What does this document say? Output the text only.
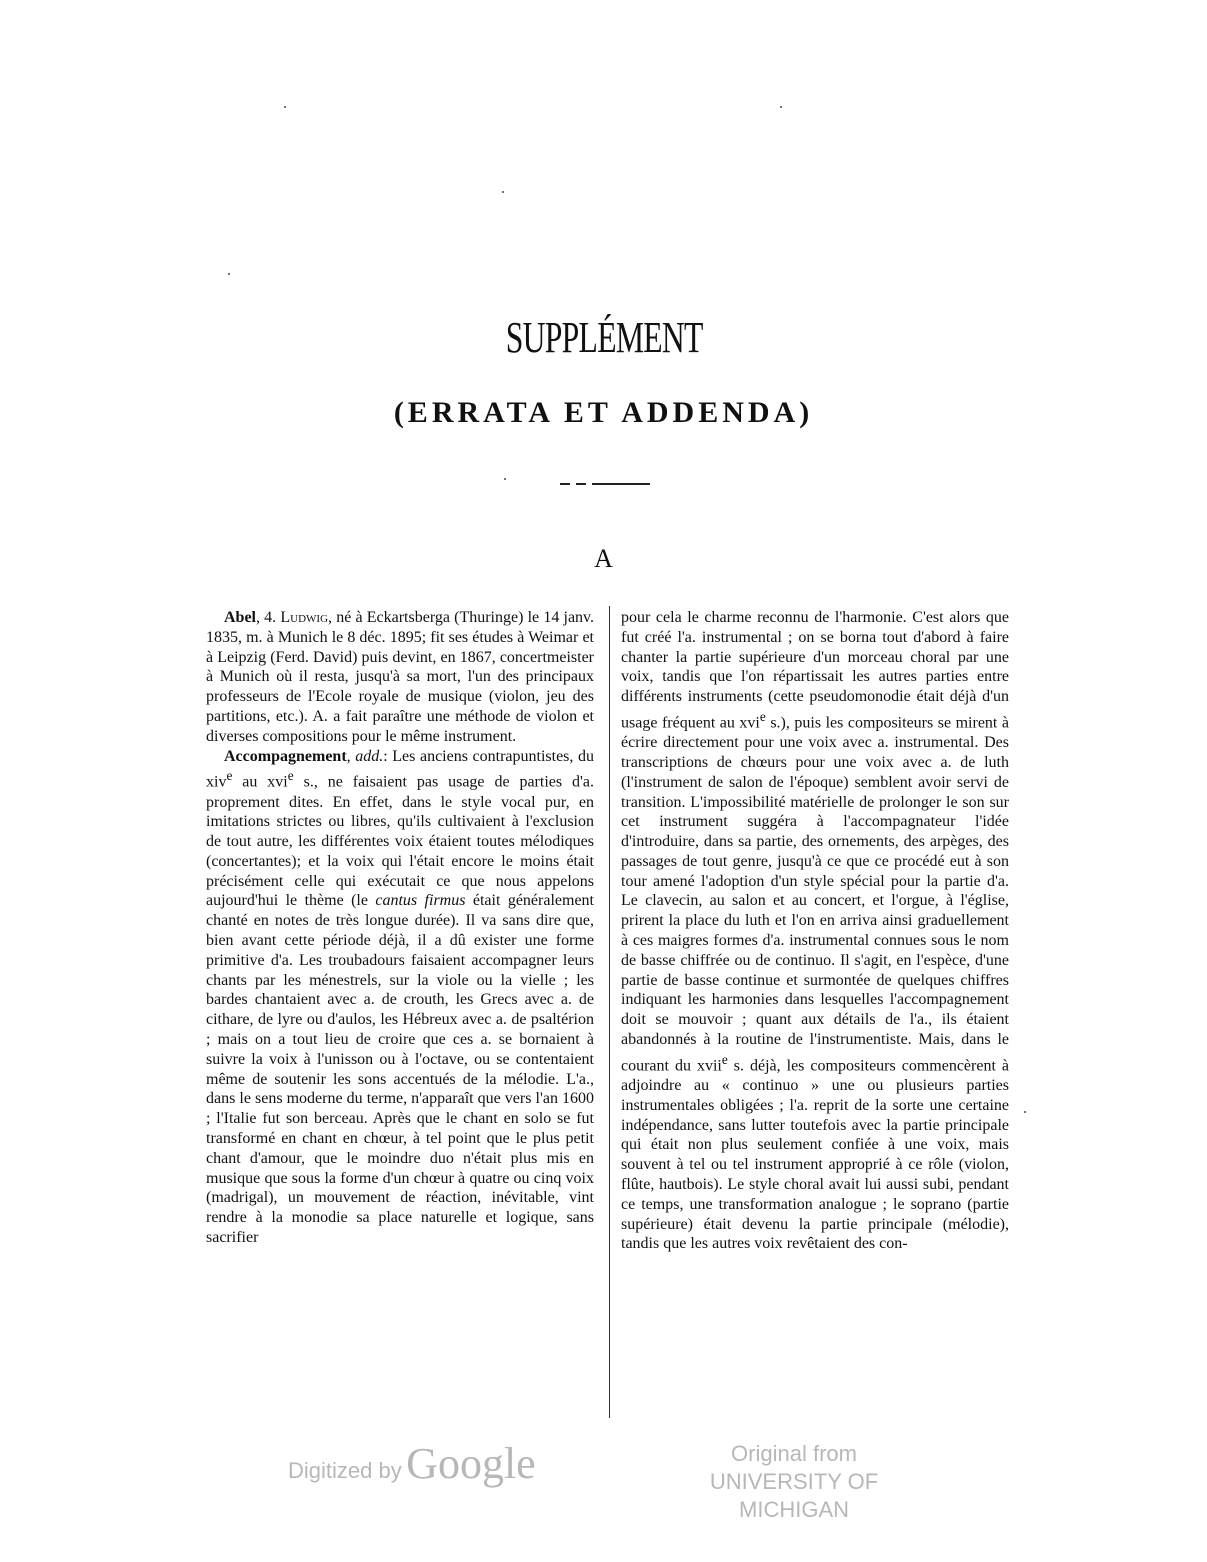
SUPPLÉMENT
(ERRATA ET ADDENDA)
A

Abel, 4. Ludwig, né à Eckartsberga (Thuringe) le 14 janv. 1835, m. à Munich le 8 déc. 1895; fit ses études à Weimar et à Leipzig (Ferd. David) puis devint, en 1867, concertmeister à Munich où il resta, jusqu'à sa mort, l'un des principaux professeurs de l'Ecole royale de musique (violon, jeu des partitions, etc.). A. a fait paraître une méthode de violon et diverses compositions pour le même instrument.

Accompagnement, add.: Les anciens contrapuntistes, du xiv$^e$ au xvi$^e$ s., ne faisaient pas usage de parties d'a. proprement dites. En effet, dans le style vocal pur, en imitations strictes ou libres, qu'ils cultivaient à l'exclusion de tout autre, les différentes voix étaient toutes mélodiques (concertantes); et la voix qui l'était encore le moins était précisément celle qui exécutait ce que nous appelons aujourd'hui le thème (le cantus firmus était généralement chanté en notes de très longue durée). Il va sans dire que, bien avant cette période déjà, il a dû exister une forme primitive d'a. Les troubadours faisaient accompagner leurs chants par les ménestrels, sur la viole ou la vielle ; les bardes chantaient avec a. de crouth, les Grecs avec a. de cithare, de lyre ou d'aulos, les Hébreux avec a. de psaltérion ; mais on a tout lieu de croire que ces a. se bornaient à suivre la voix à l'unisson ou à l'octave, ou se contentaient même de soutenir les sons accentués de la mélodie. L'a., dans le sens moderne du terme, n'apparaît que vers l'an 1600 ; l'Italie fut son berceau. Après que le chant en solo se fut transformé en chant en chœur, à tel point que le plus petit chant d'amour, que le moindre duo n'était plus mis en musique que sous la forme d'un chœur à quatre ou cinq voix (madrigal), un mouvement de réaction, inévitable, vint rendre à la monodie sa place naturelle et logique, sans sacrifier

pour cela le charme reconnu de l'harmonie. C'est alors que fut créé l'a. instrumental ; on se borna tout d'abord à faire chanter la partie supérieure d'un morceau choral par une voix, tandis que l'on répartissait les autres parties entre différents instruments (cette pseudomonodie était déjà d'un usage fréquent au xvi$^e$ s.), puis les compositeurs se mirent à écrire directement pour une voix avec a. instrumental. Des transcriptions de chœurs pour une voix avec a. de luth (l'instrument de salon de l'époque) semblent avoir servi de transition. L'impossibilité matérielle de prolonger le son sur cet instrument suggéra à l'accompagnateur l'idée d'introduire, dans sa partie, des ornements, des arpèges, des passages de tout genre, jusqu'à ce que ce procédé eut à son tour amené l'adoption d'un style spécial pour la partie d'a. Le clavecin, au salon et au concert, et l'orgue, à l'église, prirent la place du luth et l'on en arriva ainsi graduellement à ces maigres formes d'a. instrumental connues sous le nom de basse chiffrée ou de continuo. Il s'agit, en l'espèce, d'une partie de basse continue et surmontée de quelques chiffres indiquant les harmonies dans lesquelles l'accompagnement doit se mouvoir ; quant aux détails de l'a., ils étaient abandonnés à la routine de l'instrumentiste. Mais, dans le courant du xvii$^e$ s. déjà, les compositeurs commencèrent à adjoindre au « continuo » une ou plusieurs parties instrumentales obligées ; l'a. reprit de la sorte une certaine indépendance, sans lutter toutefois avec la partie principale qui était non plus seulement confiée à une voix, mais souvent à tel ou tel instrument approprié à ce rôle (violon, flûte, hautbois). Le style choral avait lui aussi subi, pendant ce temps, une transformation analogue ; le soprano (partie supérieure) était devenu la partie principale (mélodie), tandis que les autres voix revêtaient des con-

Digitized by Google	Original from
UNIVERSITY OF MICHIGAN
